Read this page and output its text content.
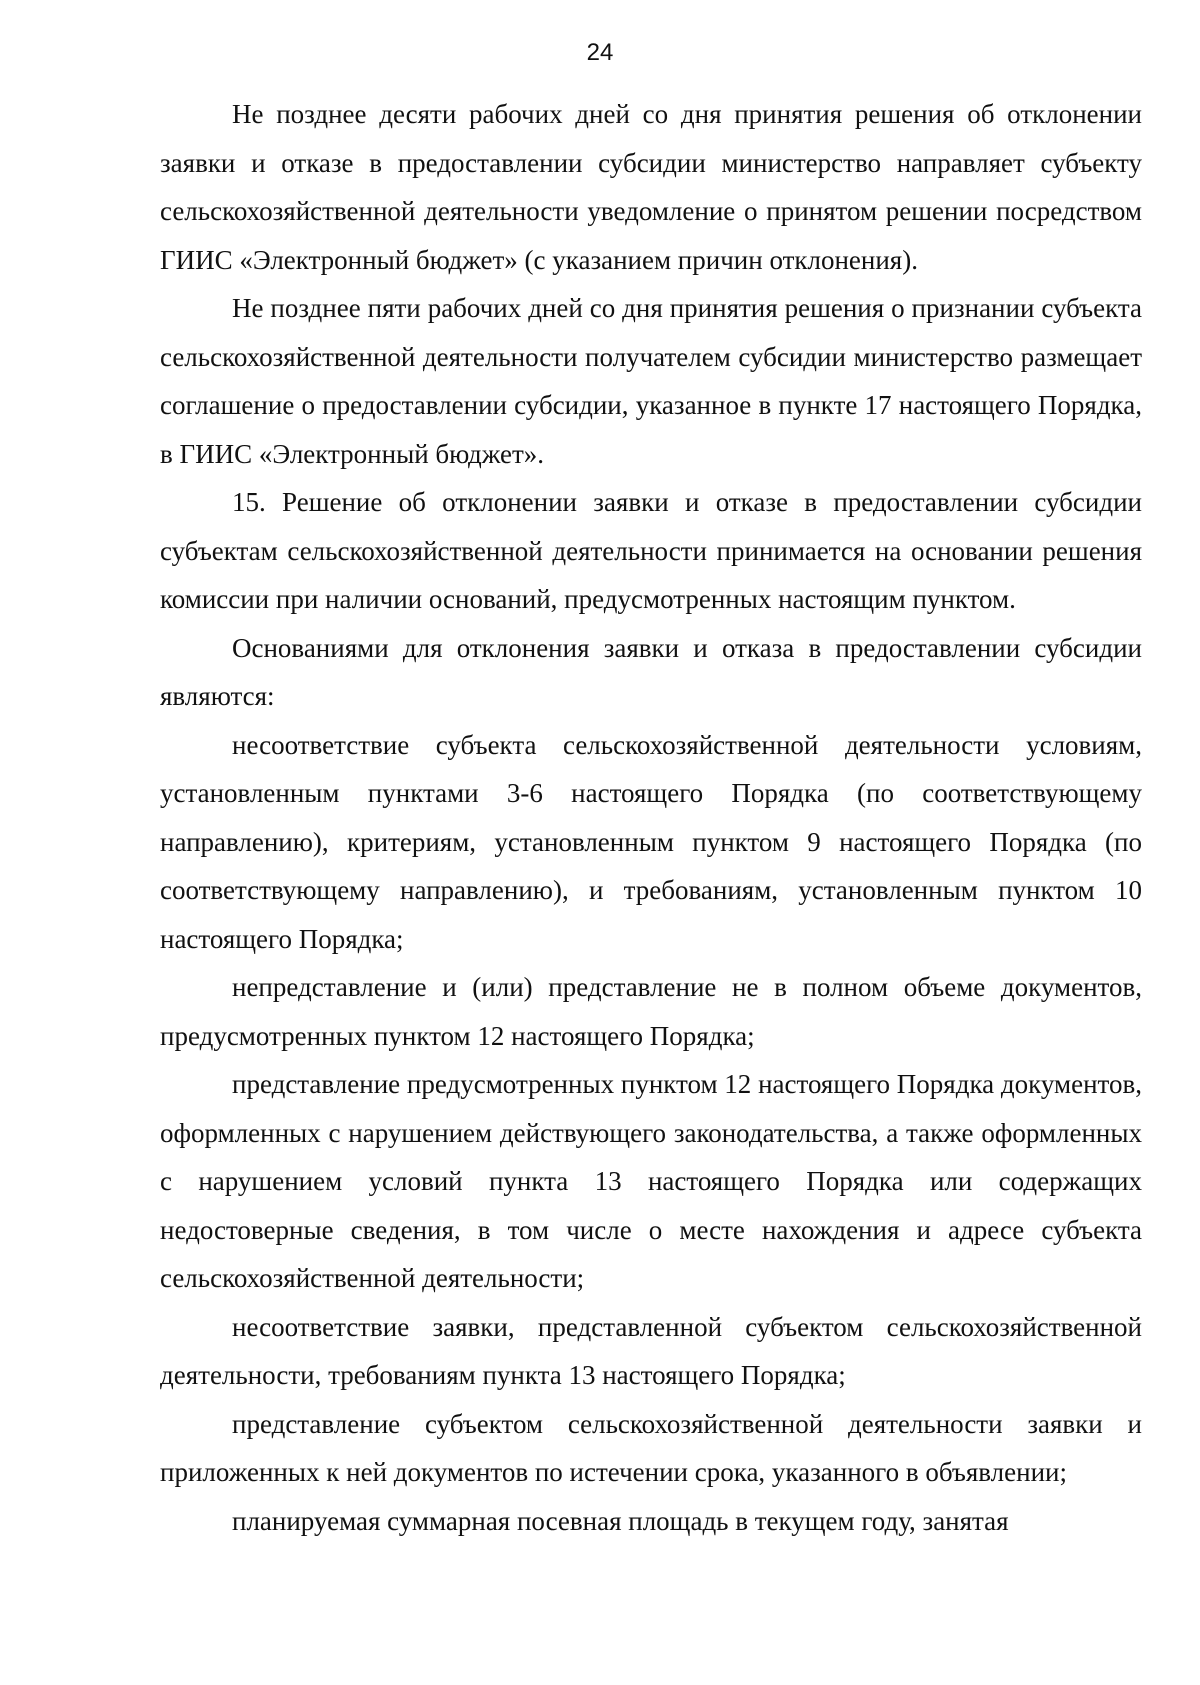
24

Не позднее десяти рабочих дней со дня принятия решения об отклонении заявки и отказе в предоставлении субсидии министерство направляет субъекту сельскохозяйственной деятельности уведомление о принятом решении посредством ГИИС «Электронный бюджет» (с указанием причин отклонения).

Не позднее пяти рабочих дней со дня принятия решения о признании субъекта сельскохозяйственной деятельности получателем субсидии министерство размещает соглашение о предоставлении субсидии, указанное в пункте 17 настоящего Порядка, в ГИИС «Электронный бюджет».

15. Решение об отклонении заявки и отказе в предоставлении субсидии субъектам сельскохозяйственной деятельности принимается на основании решения комиссии при наличии оснований, предусмотренных настоящим пунктом.

Основаниями для отклонения заявки и отказа в предоставлении субсидии являются:

несоответствие субъекта сельскохозяйственной деятельности условиям, установленным пунктами 3-6 настоящего Порядка (по соответствующему направлению), критериям, установленным пунктом 9 настоящего Порядка (по соответствующему направлению), и требованиям, установленным пунктом 10 настоящего Порядка;

непредставление и (или) представление не в полном объеме документов, предусмотренных пунктом 12 настоящего Порядка;

представление предусмотренных пунктом 12 настоящего Порядка документов, оформленных с нарушением действующего законодательства, а также оформленных с нарушением условий пункта 13 настоящего Порядка или содержащих недостоверные сведения, в том числе о месте нахождения и адресе субъекта сельскохозяйственной деятельности;

несоответствие заявки, представленной субъектом сельскохозяйственной деятельности, требованиям пункта 13 настоящего Порядка;

представление субъектом сельскохозяйственной деятельности заявки и приложенных к ней документов по истечении срока, указанного в объявлении;

планируемая суммарная посевная площадь в текущем году, занятая
